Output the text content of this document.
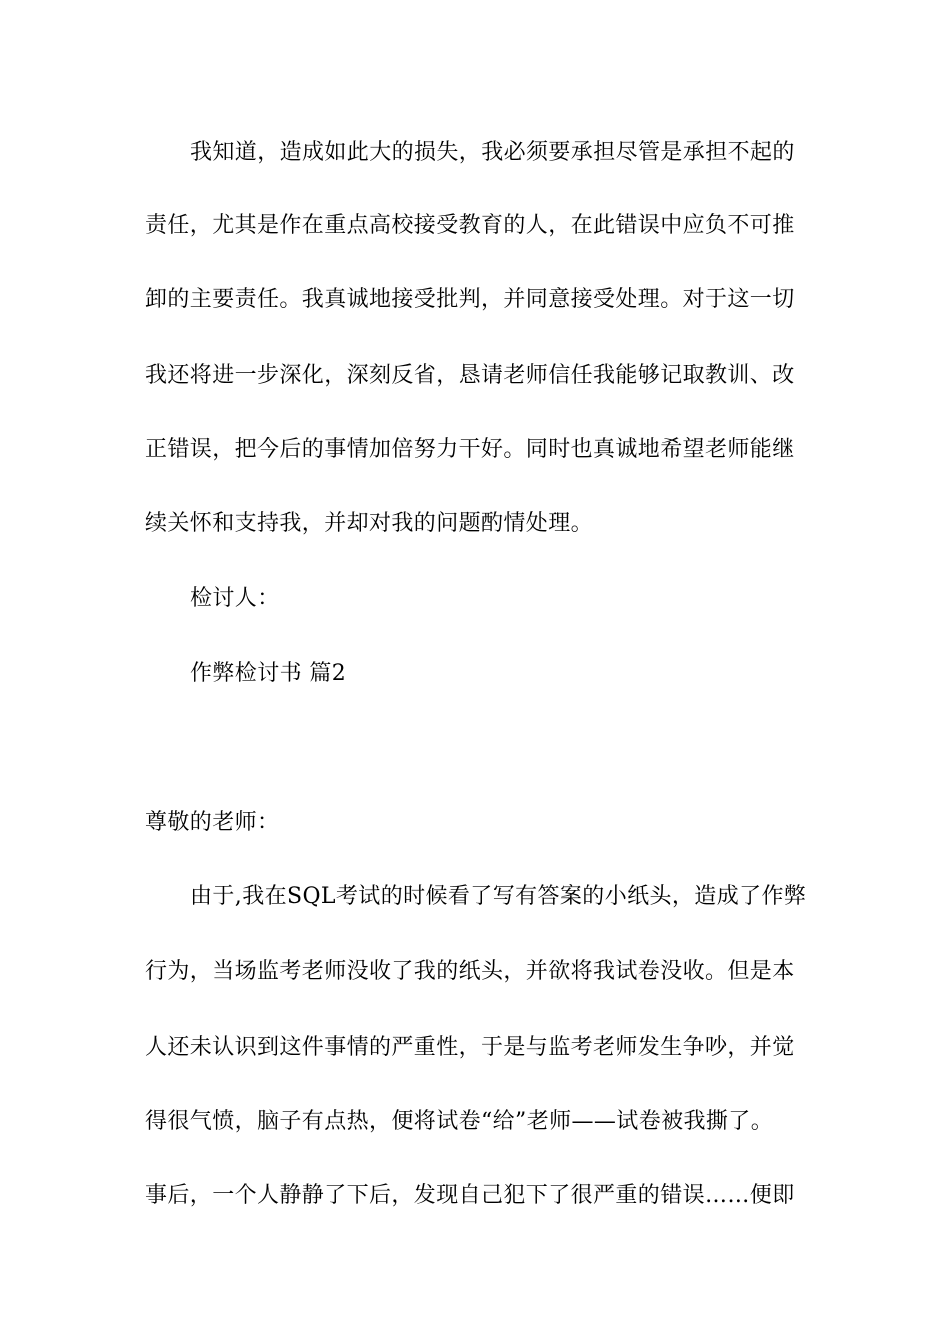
我知道，造成如此大的损失，我必须要承担尽管是承担不起的
责任，尤其是作在重点高校接受教育的人，在此错误中应负不可推
卸的主要责任。我真诚地接受批判，并同意接受处理。对于这一切
我还将进一步深化，深刻反省，恳请老师信任我能够记取教训、改
正错误，把今后的事情加倍努力干好。同时也真诚地希望老师能继
续关怀和支持我，并却对我的问题酌情处理。
检讨人：
作弊检讨书 篇2
尊敬的老师：
由于,我在SQL考试的时候看了写有答案的小纸头，造成了作弊
行为，当场监考老师没收了我的纸头，并欲将我试卷没收。但是本
人还未认识到这件事情的严重性，于是与监考老师发生争吵，并觉
得很气愤，脑子有点热，便将试卷“给”老师——试卷被我撕了。
事后，一个人静静了下后，发现自己犯下了很严重的错误……便即
